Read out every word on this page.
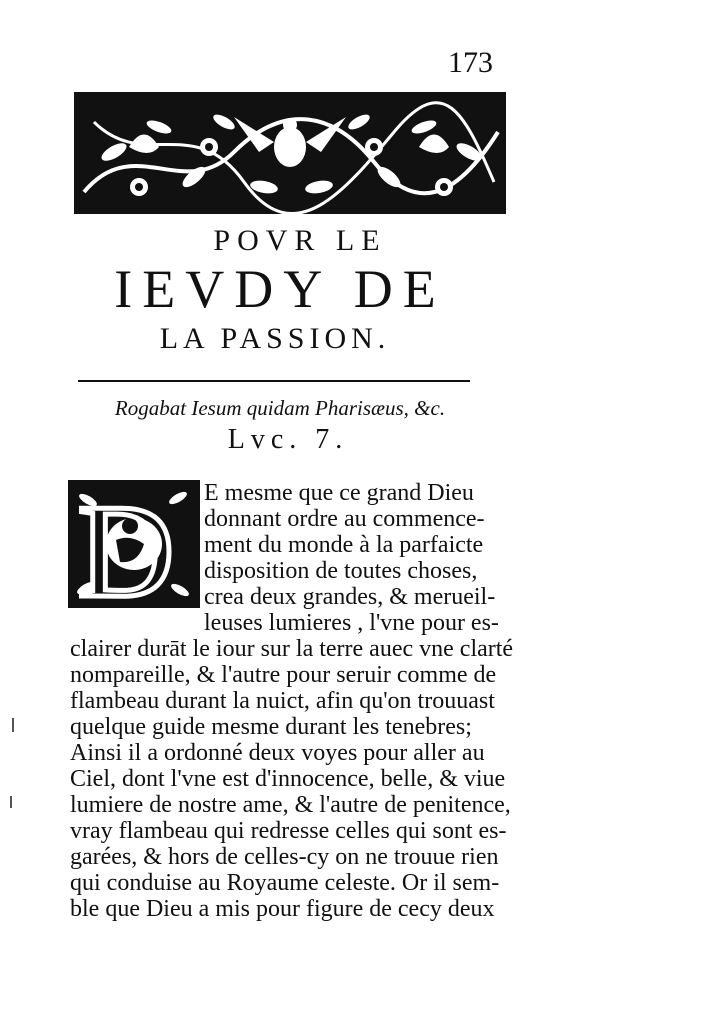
173
POVR LE
IEVDY DE
LA PASSION.
Rogabat Iesum quidam Pharisæus, &c.
Lvc. 7.
D E mesme que ce grand Dieu
donnant ordre au commence-
ment du monde à la parfaicte
disposition de toutes choses,
crea deux grandes, & merueil-
leuses lumieres , l'vne pour es-
clairer durāt le iour sur la terre auec vne clarté
nompareille, & l'autre pour seruir comme de
flambeau durant la nuict, afin qu'on trouuast
quelque guide mesme durant les tenebres;
Ainsi il a ordonné deux voyes pour aller au
Ciel, dont l'vne est d'innocence, belle, & viue
lumiere de nostre ame, & l'autre de penitence,
vray flambeau qui redresse celles qui sont es-
garées, & hors de celles-cy on ne trouue rien
qui conduise au Royaume celeste. Or il sem-
ble que Dieu a mis pour figure de cecy deux
